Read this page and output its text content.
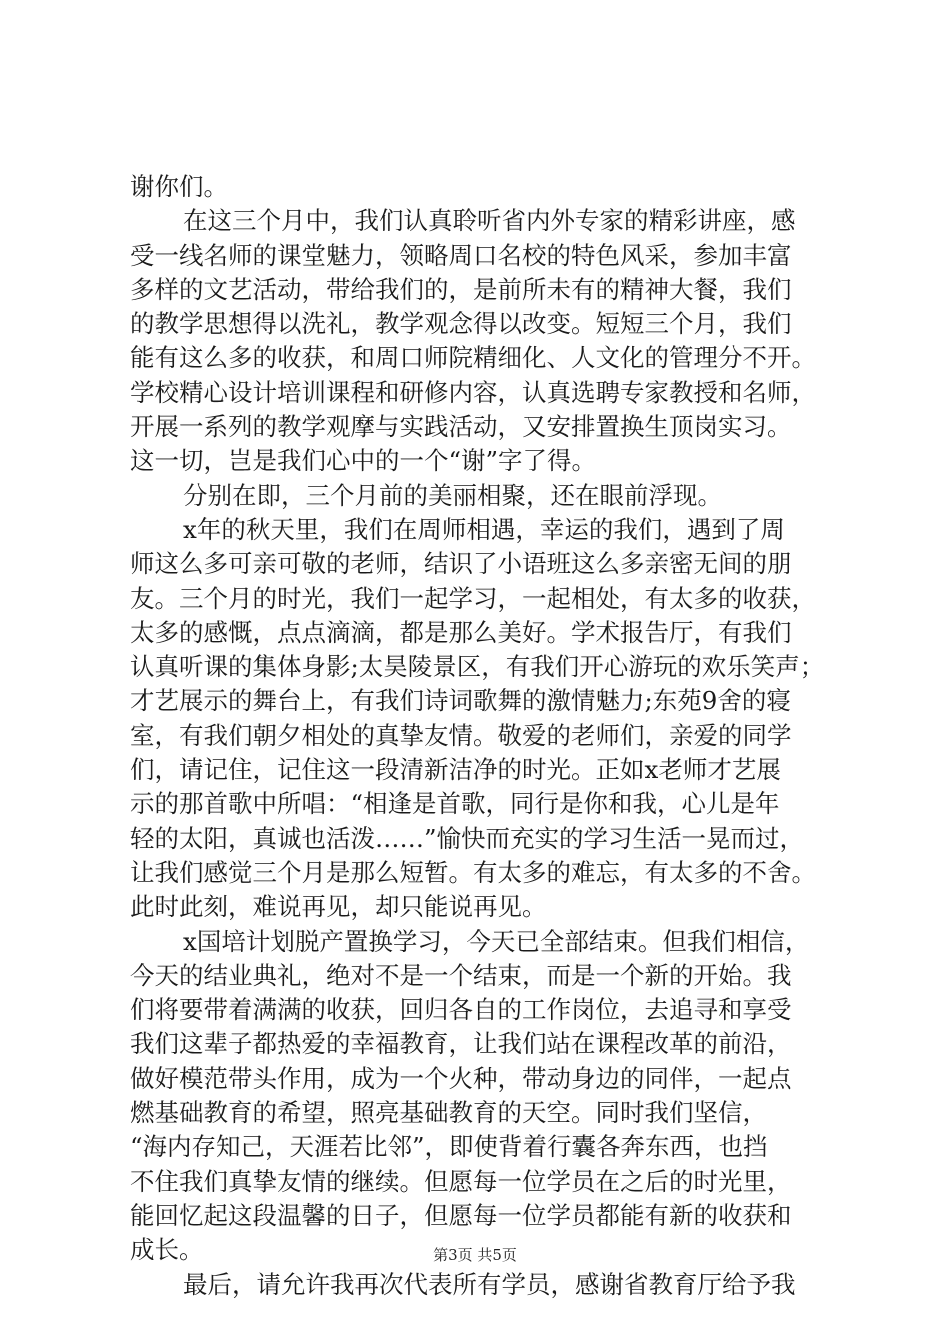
谢你们。
在这三个月中，我们认真聆听省内外专家的精彩讲座，感
受一线名师的课堂魅力，领略周口名校的特色风采，参加丰富
多样的文艺活动，带给我们的，是前所未有的精神大餐，我们
的教学思想得以洗礼，教学观念得以改变。短短三个月，我们
能有这么多的收获，和周口师院精细化、人文化的管理分不开。
学校精心设计培训课程和研修内容，认真选聘专家教授和名师，
开展一系列的教学观摩与实践活动，又安排置换生顶岗实习。
这一切，岂是我们心中的一个“谢”字了得。
分别在即，三个月前的美丽相聚，还在眼前浮现。
x年的秋天里，我们在周师相遇，幸运的我们，遇到了周
师这么多可亲可敬的老师，结识了小语班这么多亲密无间的朋
友。三个月的时光，我们一起学习，一起相处，有太多的收获，
太多的感慨，点点滴滴，都是那么美好。学术报告厅，有我们
认真听课的集体身影;太昊陵景区，有我们开心游玩的欢乐笑声；
才艺展示的舞台上，有我们诗词歌舞的激情魅力;东苑9舍的寝
室，有我们朝夕相处的真挚友情。敬爱的老师们，亲爱的同学
们，请记住，记住这一段清新洁净的时光。正如x老师才艺展
示的那首歌中所唱：“相逢是首歌，同行是你和我，心儿是年
轻的太阳，真诚也活泼……”愉快而充实的学习生活一晃而过，
让我们感觉三个月是那么短暂。有太多的难忘，有太多的不舍。
此时此刻，难说再见，却只能说再见。
x国培计划脱产置换学习，今天已全部结束。但我们相信，
今天的结业典礼，绝对不是一个结束，而是一个新的开始。我
们将要带着满满的收获，回归各自的工作岗位，去追寻和享受
我们这辈子都热爱的幸福教育，让我们站在课程改革的前沿，
做好模范带头作用，成为一个火种，带动身边的同伴，一起点
燃基础教育的希望，照亮基础教育的天空。同时我们坚信，
“海内存知己，天涯若比邻”，即使背着行囊各奔东西，也挡
不住我们真挚友情的继续。但愿每一位学员在之后的时光里，
能回忆起这段温馨的日子，但愿每一位学员都能有新的收获和
成长。
最后，请允许我再次代表所有学员，感谢省教育厅给予我
第3页 共5页
